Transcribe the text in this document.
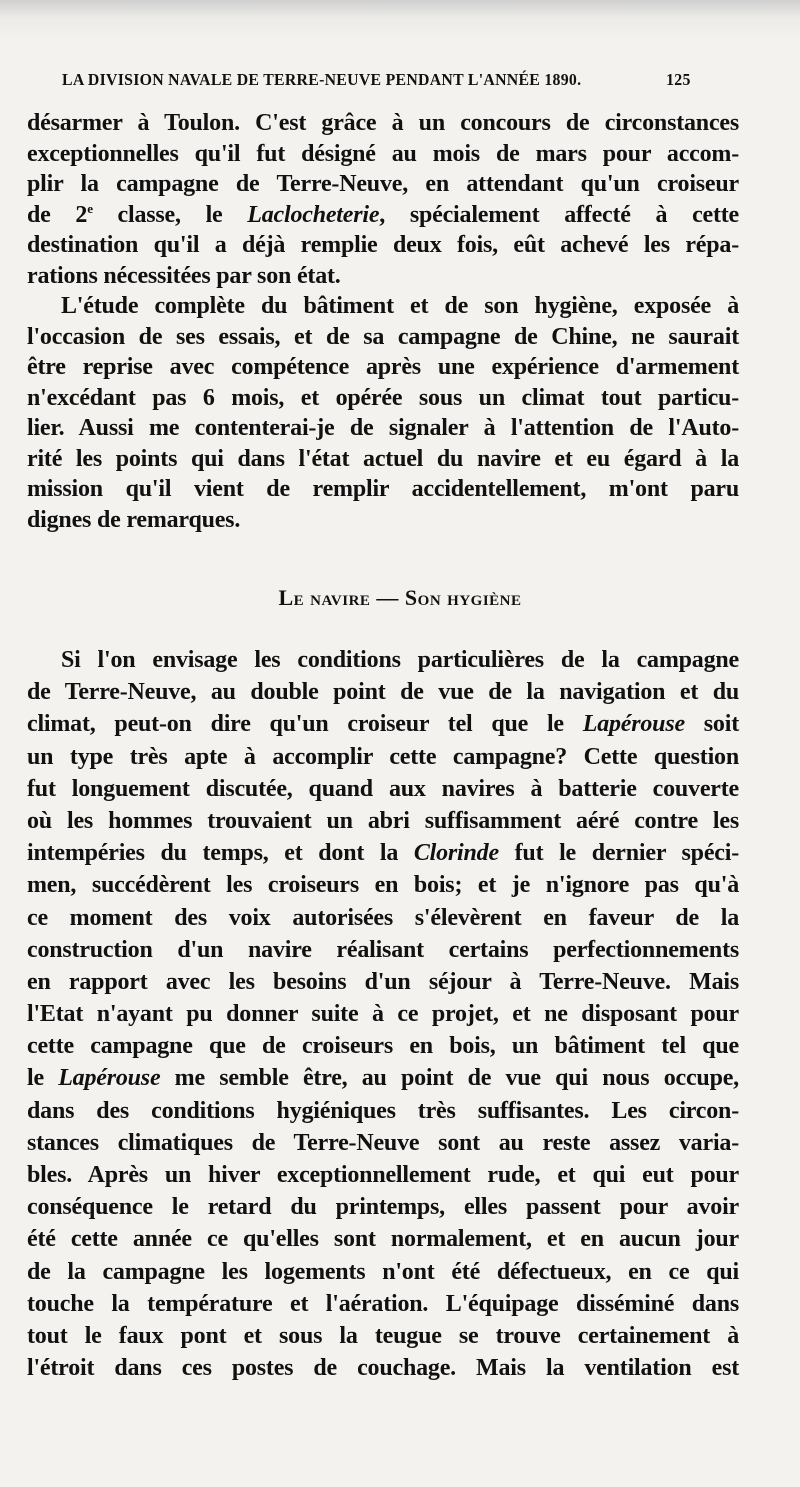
LA DIVISION NAVALE DE TERRE-NEUVE PENDANT L'ANNÉE 1890.	125
désarmer à Toulon. C'est grâce à un concours de circonstances
exceptionnelles qu'il fut désigné au mois de mars pour accom-
plir la campagne de Terre-Neuve, en attendant qu'un croiseur
de 2e classe, le Laclocheterie, spécialement affecté à cette
destination qu'il a déjà remplie deux fois, eût achevé les répa-
rations nécessitées par son état.
L'étude complète du bâtiment et de son hygiène, exposée à
l'occasion de ses essais, et de sa campagne de Chine, ne saurait
être reprise avec compétence après une expérience d'armement
n'excédant pas 6 mois, et opérée sous un climat tout particu-
lier. Aussi me contenterai-je de signaler à l'attention de l'Auto-
rité les points qui dans l'état actuel du navire et eu égard à la
mission qu'il vient de remplir accidentellement, m'ont paru
dignes de remarques.
Le navire — Son hygiène
Si l'on envisage les conditions particulières de la campagne
de Terre-Neuve, au double point de vue de la navigation et du
climat, peut-on dire qu'un croiseur tel que le Lapérouse soit
un type très apte à accomplir cette campagne? Cette question
fut longuement discutée, quand aux navires à batterie couverte
où les hommes trouvaient un abri suffisamment aéré contre les
intempéries du temps, et dont la Clorinde fut le dernier spéci-
men, succédèrent les croiseurs en bois; et je n'ignore pas qu'à
ce moment des voix autorisées s'élevèrent en faveur de la
construction d'un navire réalisant certains perfectionnements
en rapport avec les besoins d'un séjour à Terre-Neuve. Mais
l'Etat n'ayant pu donner suite à ce projet, et ne disposant pour
cette campagne que de croiseurs en bois, un bâtiment tel que
le Lapérouse me semble être, au point de vue qui nous occupe,
dans des conditions hygiéniques très suffisantes. Les circon-
stances climatiques de Terre-Neuve sont au reste assez varia-
bles. Après un hiver exceptionnellement rude, et qui eut pour
conséquence le retard du printemps, elles passent pour avoir
été cette année ce qu'elles sont normalement, et en aucun jour
de la campagne les logements n'ont été défectueux, en ce qui
touche la température et l'aération. L'équipage disséminé dans
tout le faux pont et sous la teugue se trouve certainement à
l'étroit dans ces postes de couchage. Mais la ventilation est
